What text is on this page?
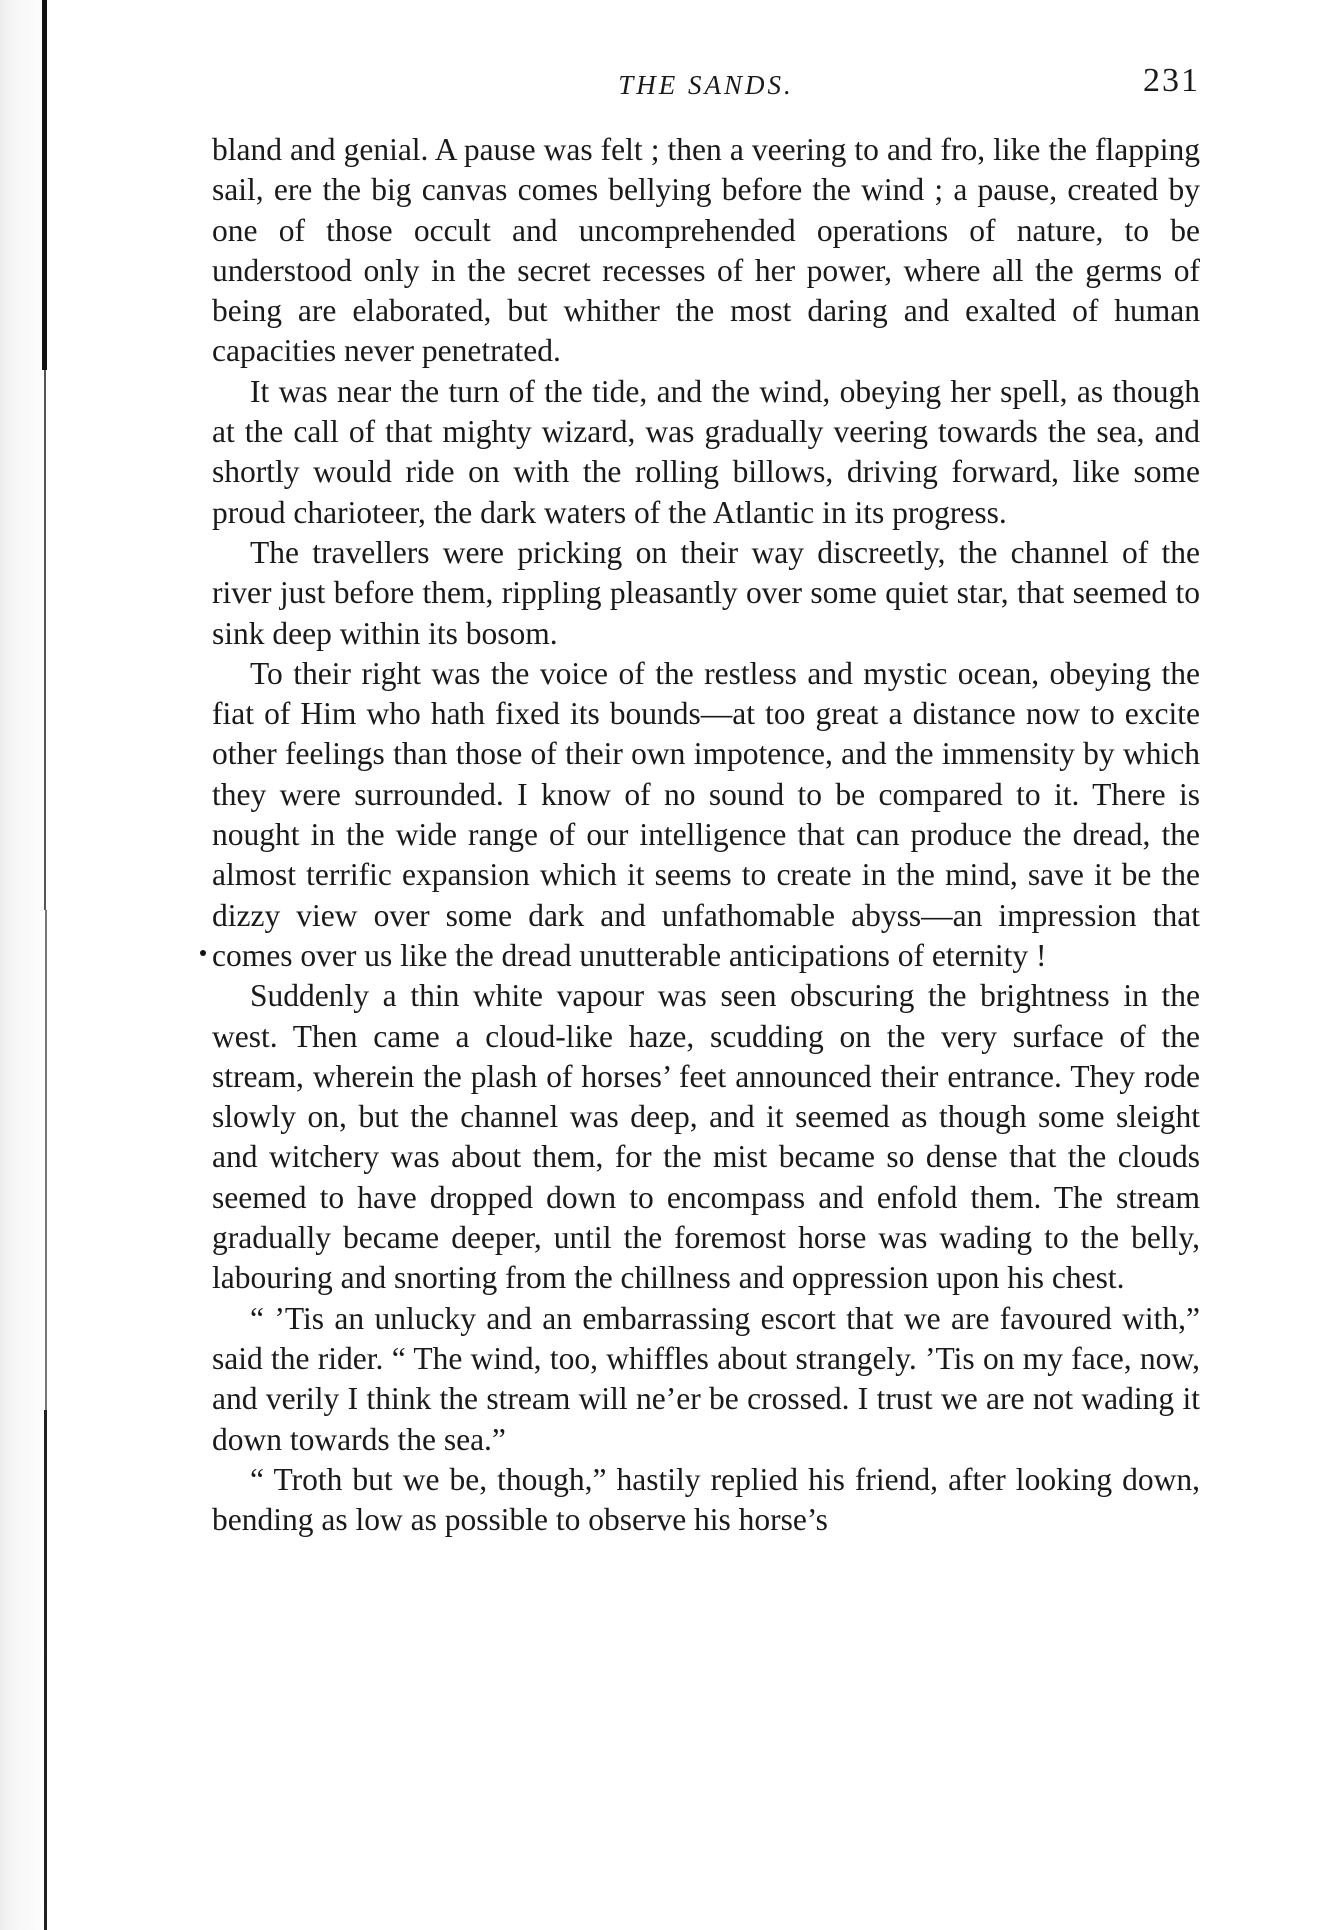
THE SANDS.	231

bland and genial. A pause was felt ; then a veering to and fro, like the flapping sail, ere the big canvas comes bellying before the wind ; a pause, created by one of those occult and uncomprehended operations of nature, to be understood only in the secret recesses of her power, where all the germs of being are elaborated, but whither the most daring and exalted of human capacities never penetrated.

It was near the turn of the tide, and the wind, obeying her spell, as though at the call of that mighty wizard, was gradually veering towards the sea, and shortly would ride on with the rolling billows, driving forward, like some proud charioteer, the dark waters of the Atlantic in its progress.

The travellers were pricking on their way discreetly, the channel of the river just before them, rippling pleasantly over some quiet star, that seemed to sink deep within its bosom.

To their right was the voice of the restless and mystic ocean, obeying the fiat of Him who hath fixed its bounds—at too great a distance now to excite other feelings than those of their own impotence, and the immensity by which they were surrounded. I know of no sound to be compared to it. There is nought in the wide range of our intelligence that can produce the dread, the almost terrific expansion which it seems to create in the mind, save it be the dizzy view over some dark and unfathomable abyss—an impression that comes over us like the dread unutterable anticipations of eternity !

Suddenly a thin white vapour was seen obscuring the brightness in the west. Then came a cloud-like haze, scudding on the very surface of the stream, wherein the plash of horses’ feet announced their entrance. They rode slowly on, but the channel was deep, and it seemed as though some sleight and witchery was about them, for the mist became so dense that the clouds seemed to have dropped down to encompass and enfold them. The stream gradually became deeper, until the foremost horse was wading to the belly, labouring and snorting from the chillness and oppression upon his chest.

“ ’Tis an unlucky and an embarrassing escort that we are favoured with,” said the rider. “ The wind, too, whiffles about strangely. ’Tis on my face, now, and verily I think the stream will ne’er be crossed. I trust we are not wading it down towards the sea.”

“ Troth but we be, though,” hastily replied his friend, after looking down, bending as low as possible to observe his horse’s
